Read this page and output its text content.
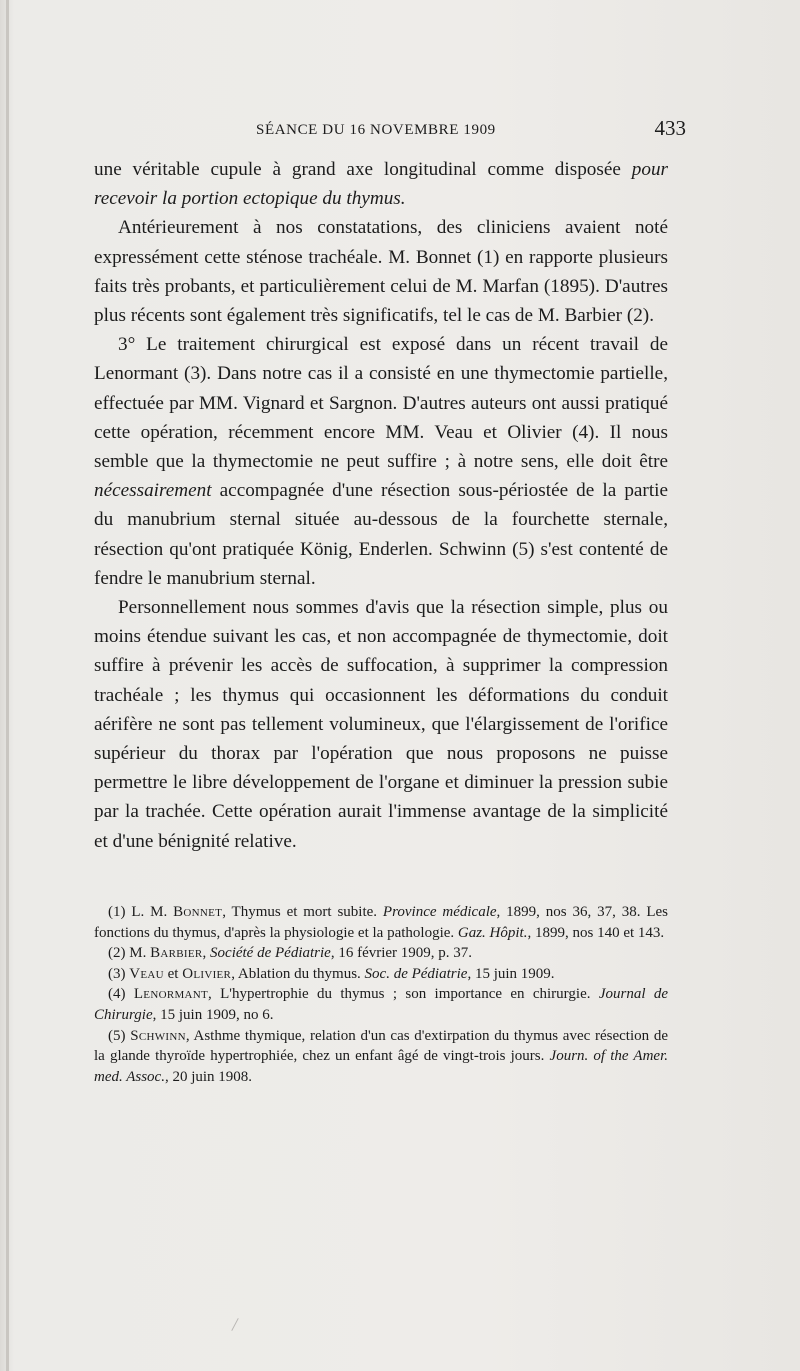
SÉANCE DU 16 NOVEMBRE 1909	433

une véritable cupule à grand axe longitudinal comme disposée pour recevoir la portion ectopique du thymus.

Antérieurement à nos constatations, des cliniciens avaient noté expressément cette sténose trachéale. M. Bonnet (1) en rapporte plusieurs faits très probants, et particulièrement celui de M. Marfan (1895). D'autres plus récents sont également très significatifs, tel le cas de M. Barbier (2).

3° Le traitement chirurgical est exposé dans un récent travail de Lenormant (3). Dans notre cas il a consisté en une thymectomie partielle, effectuée par MM. Vignard et Sargnon. D'autres auteurs ont aussi pratiqué cette opération, récemment encore MM. Veau et Olivier (4). Il nous semble que la thymectomie ne peut suffire ; à notre sens, elle doit être nécessairement accompagnée d'une résection sous-périostée de la partie du manubrium sternal située au-dessous de la fourchette sternale, résection qu'ont pratiquée König, Enderlen. Schwinn (5) s'est contenté de fendre le manubrium sternal.

Personnellement nous sommes d'avis que la résection simple, plus ou moins étendue suivant les cas, et non accompagnée de thymectomie, doit suffire à prévenir les accès de suffocation, à supprimer la compression trachéale ; les thymus qui occasionnent les déformations du conduit aérifère ne sont pas tellement volumineux, que l'élargissement de l'orifice supérieur du thorax par l'opération que nous proposons ne puisse permettre le libre développement de l'organe et diminuer la pression subie par la trachée. Cette opération aurait l'immense avantage de la simplicité et d'une bénignité relative.

(1) L. M. Bonnet, Thymus et mort subite. Province médicale, 1899, nos 36, 37, 38. Les fonctions du thymus, d'après la physiologie et la pathologie. Gaz. Hôpit., 1899, nos 140 et 143.

(2) M. Barbier, Société de Pédiatrie, 16 février 1909, p. 37.

(3) Veau et Olivier, Ablation du thymus. Soc. de Pédiatrie, 15 juin 1909.

(4) Lenormant, L'hypertrophie du thymus ; son importance en chirurgie. Journal de Chirurgie, 15 juin 1909, no 6.

(5) Schwinn, Asthme thymique, relation d'un cas d'extirpation du thymus avec résection de la glande thyroïde hypertrophiée, chez un enfant âgé de vingt-trois jours. Journ. of the Amer. med. Assoc., 20 juin 1908.
